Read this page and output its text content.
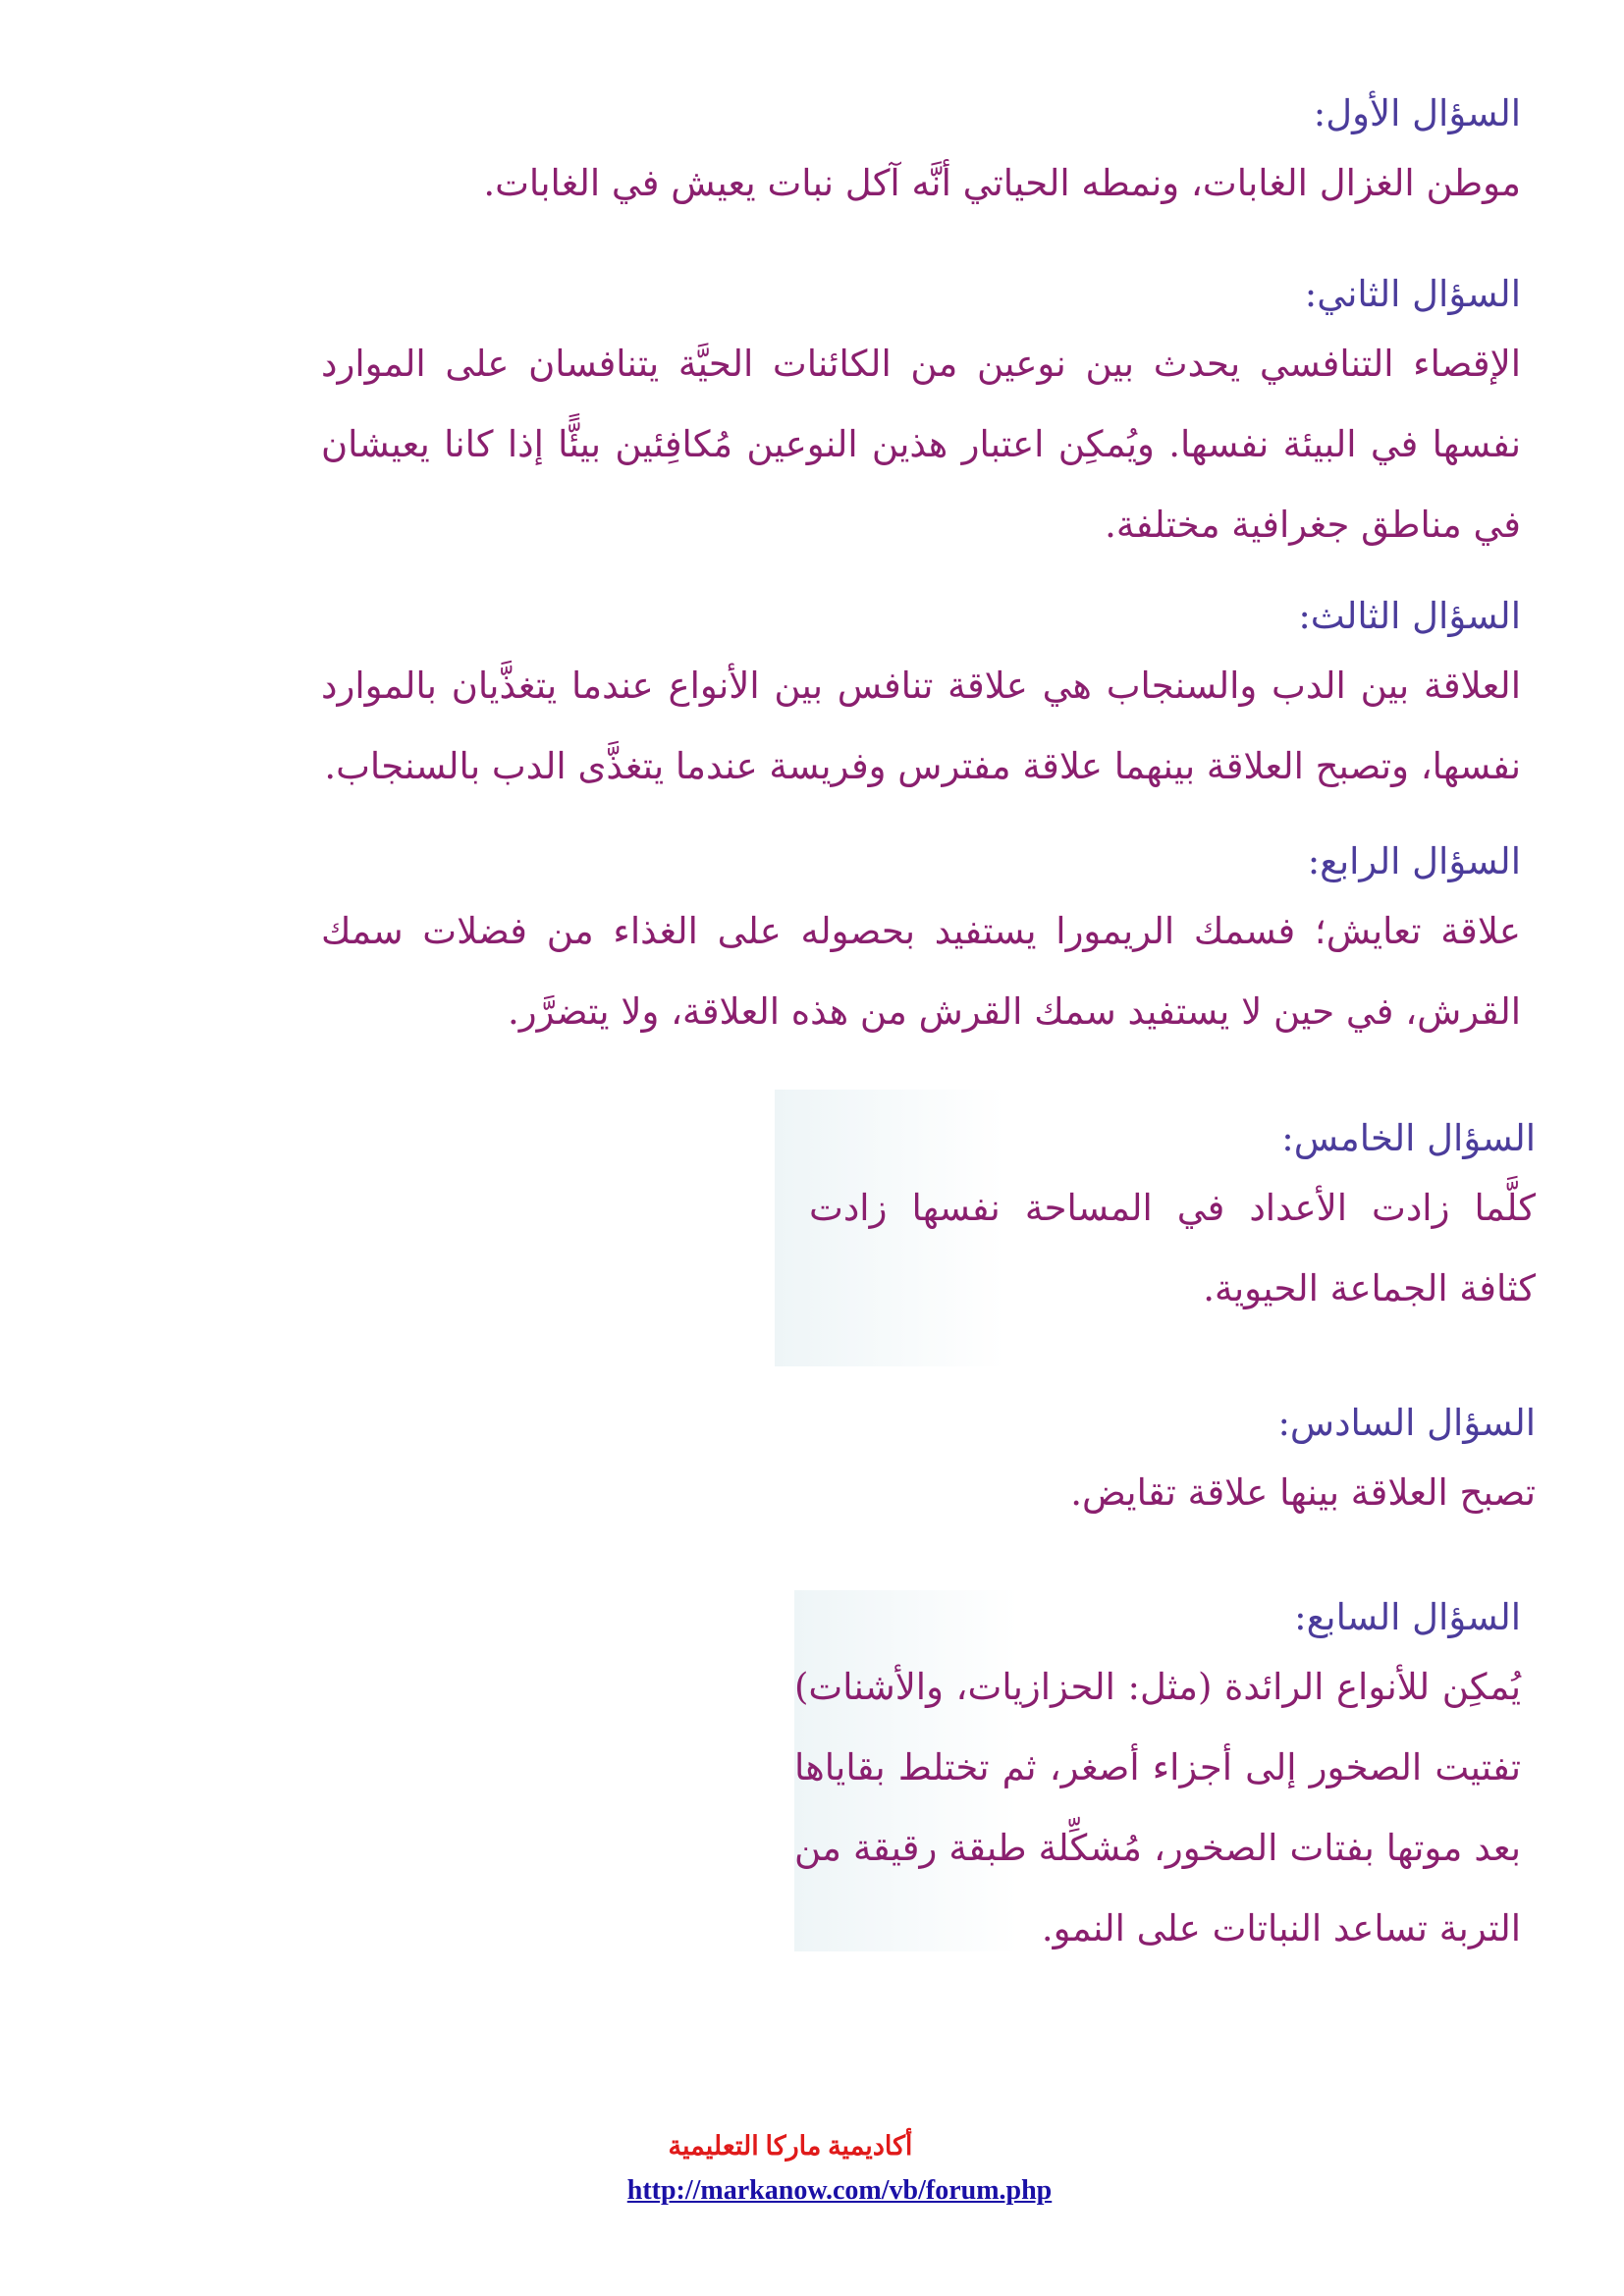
السؤال الأول:

موطن الغزال الغابات، ونمطه الحياتي أنَّه آكل نبات يعيش في الغابات.

السؤال الثاني:

الإقصاء التنافسي يحدث بين نوعين من الكائنات الحيَّة يتنافسان على الموارد نفسها في البيئة نفسها. ويُمكِن اعتبار هذين النوعين مُكافِئين بيئًّا إذا كانا يعيشان في مناطق جغرافية مختلفة.

السؤال الثالث:

العلاقة بين الدب والسنجاب هي علاقة تنافس بين الأنواع عندما يتغذَّيان بالموارد نفسها، وتصبح العلاقة بينهما علاقة مفترس وفريسة عندما يتغذَّى الدب بالسنجاب.

السؤال الرابع:

علاقة تعايش؛ فسمك الريمورا يستفيد بحصوله على الغذاء من فضلات سمك القرش، في حين لا يستفيد سمك القرش من هذه العلاقة، ولا يتضرَّر.

السؤال الخامس:

كلَّما زادت الأعداد في المساحة نفسها زادت كثافة الجماعة الحيوية.

السؤال السادس:

تصبح العلاقة بينها علاقة تقايض.

السؤال السابع:

يُمكِن للأنواع الرائدة (مثل: الحزازيات، والأشنات) تفتيت الصخور إلى أجزاء أصغر، ثم تختلط بقاياها بعد موتها بفتات الصخور، مُشكِّلة طبقة رقيقة من التربة تساعد النباتات على النمو.

أكاديمية ماركا التعليمية
http://markanow.com/vb/forum.php
